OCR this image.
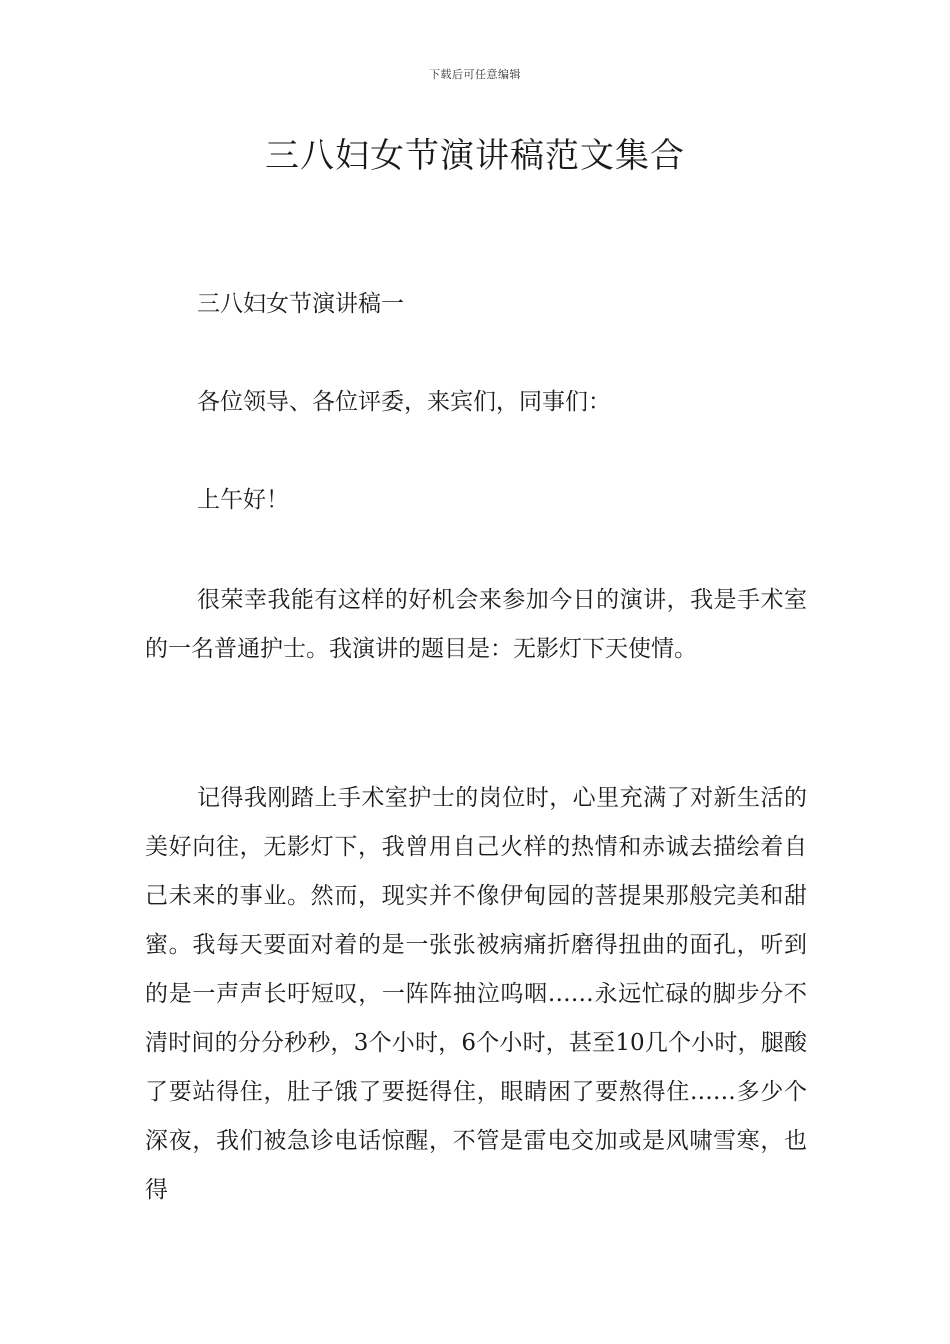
下载后可任意编辑
三八妇女节演讲稿范文集合

三八妇女节演讲稿一

各位领导、各位评委，来宾们，同事们：

上午好！

很荣幸我能有这样的好机会来参加今日的演讲，我是手术室的一名普通护士。我演讲的题目是：无影灯下天使情。

记得我刚踏上手术室护士的岗位时，心里充满了对新生活的美好向往，无影灯下，我曾用自己火样的热情和赤诚去描绘着自己未来的事业。然而，现实并不像伊甸园的菩提果那般完美和甜蜜。我每天要面对着的是一张张被病痛折磨得扭曲的面孔，听到的是一声声长吁短叹，一阵阵抽泣呜咽……永远忙碌的脚步分不清时间的分分秒秒，3个小时，6个小时，甚至10几个小时，腿酸了要站得住，肚子饿了要挺得住，眼睛困了要熬得住……多少个深夜，我们被急诊电话惊醒，不管是雷电交加或是风啸雪寒，也得
